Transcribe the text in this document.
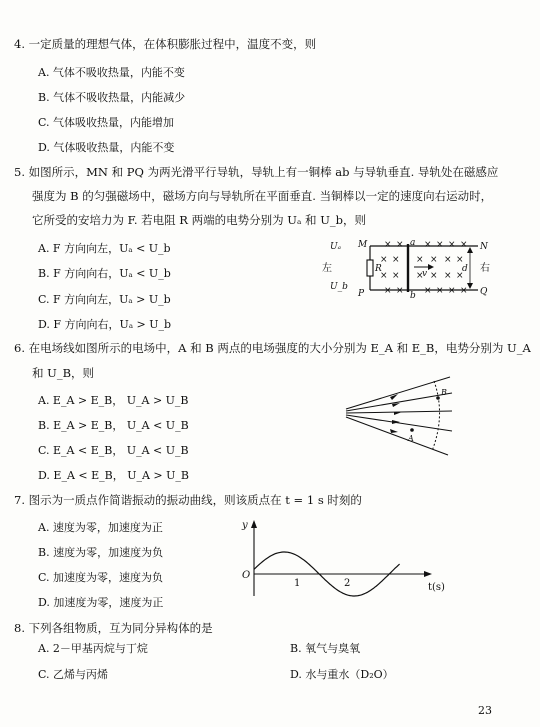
4. 一定质量的理想气体，在体积膨胀过程中，温度不变，则
A. 气体不吸收热量，内能不变
B. 气体不吸收热量，内能减少
C. 气体吸收热量，内能增加
D. 气体吸收热量，内能不变
5. 如图所示，MN 和 PQ 为两光滑平行导轨，导轨上有一铜棒 ab 与导轨垂直. 导轨处在磁感应
强度为 B 的匀强磁场中，磁场方向与导轨所在平面垂直. 当铜棒以一定的速度向右运动时，
它所受的安培力为 F. 若电阻 R 两端的电势分别为 Uₐ 和 U_b，则
A. F 方向向左，Uₐ < U_b
B. F 方向向右，Uₐ < U_b
C. F 方向向左，Uₐ > U_b
D. F 方向向右，Uₐ > U_b
× × × × × ×
× × × × × ×
× × × × × ×
× × × × × ×
Uₐ M	a	N
左	R	v	d 右
U_b
P	b	Q
6. 在电场线如图所示的电场中，A 和 B 两点的电场强度的大小分别为 E_A 和 E_B，电势分别为 U_A
和 U_B，则
A. E_A > E_B， U_A > U_B
B. E_A > E_B， U_A < U_B
C. E_A < E_B， U_A < U_B
D. E_A < E_B， U_A > U_B
B
A
7. 图示为一质点作简谐振动的振动曲线，则该质点在 t = 1 s 时刻的
A. 速度为零，加速度为正
B. 速度为零，加速度为负
C. 加速度为零，速度为负
D. 加速度为零，速度为正
y
O
1	2	t(s)
8. 下列各组物质，互为同分异构体的是
A. 2－甲基丙烷与丁烷	B. 氧气与臭氧
C. 乙烯与丙烯	D. 水与重水（D₂O）
23
